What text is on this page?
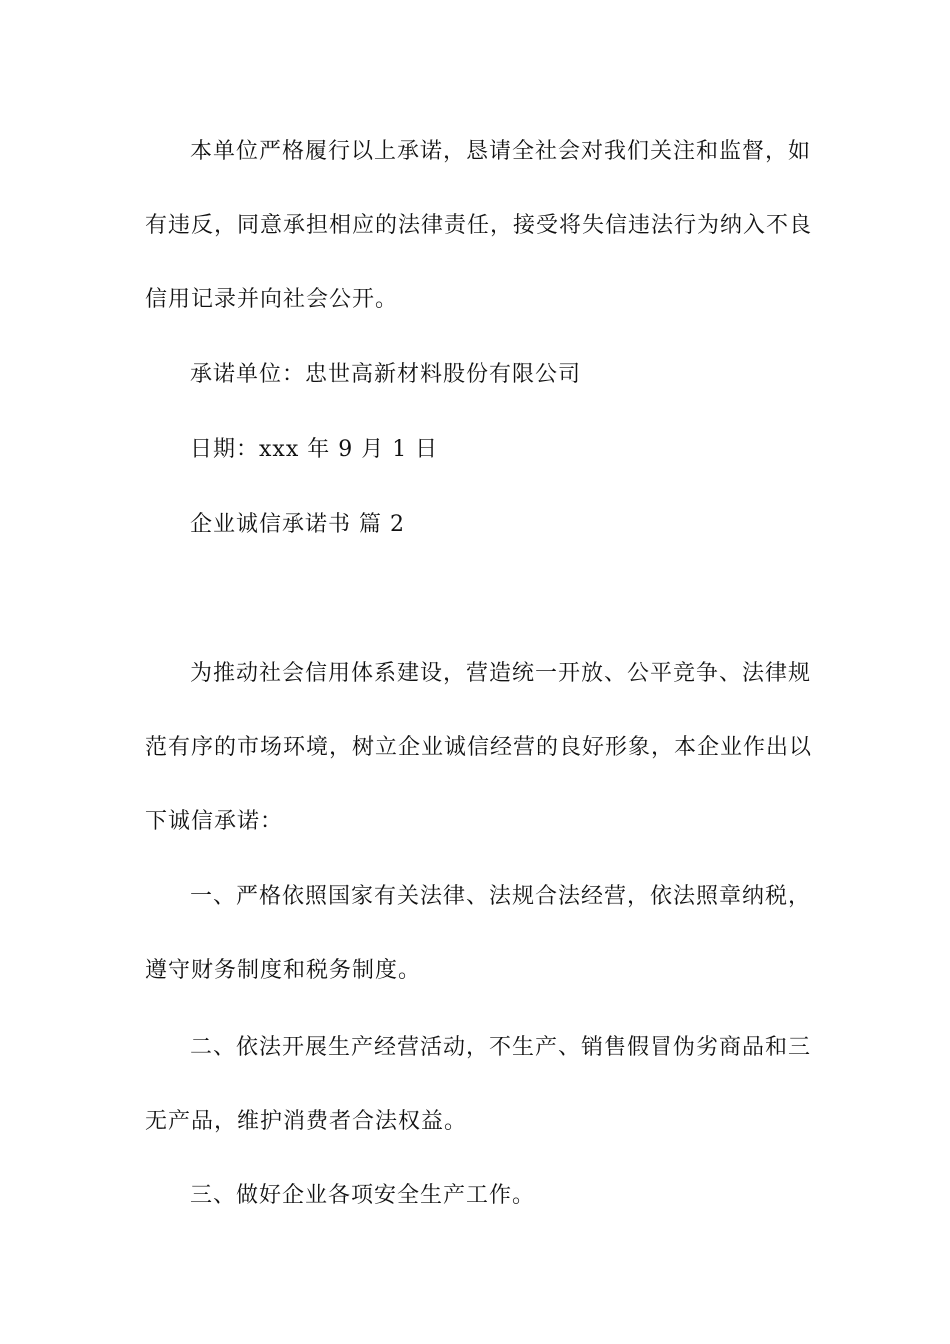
本单位严格履行以上承诺，恳请全社会对我们关注和监督，如
有违反，同意承担相应的法律责任，接受将失信违法行为纳入不良
信用记录并向社会公开。
承诺单位：忠世高新材料股份有限公司
日期：xxx 年 9 月 1 日
企业诚信承诺书 篇 2
为推动社会信用体系建设，营造统一开放、公平竞争、法律规
范有序的市场环境，树立企业诚信经营的良好形象，本企业作出以
下诚信承诺：
一、严格依照国家有关法律、法规合法经营，依法照章纳税，
遵守财务制度和税务制度。
二、依法开展生产经营活动，不生产、销售假冒伪劣商品和三
无产品，维护消费者合法权益。
三、做好企业各项安全生产工作。
